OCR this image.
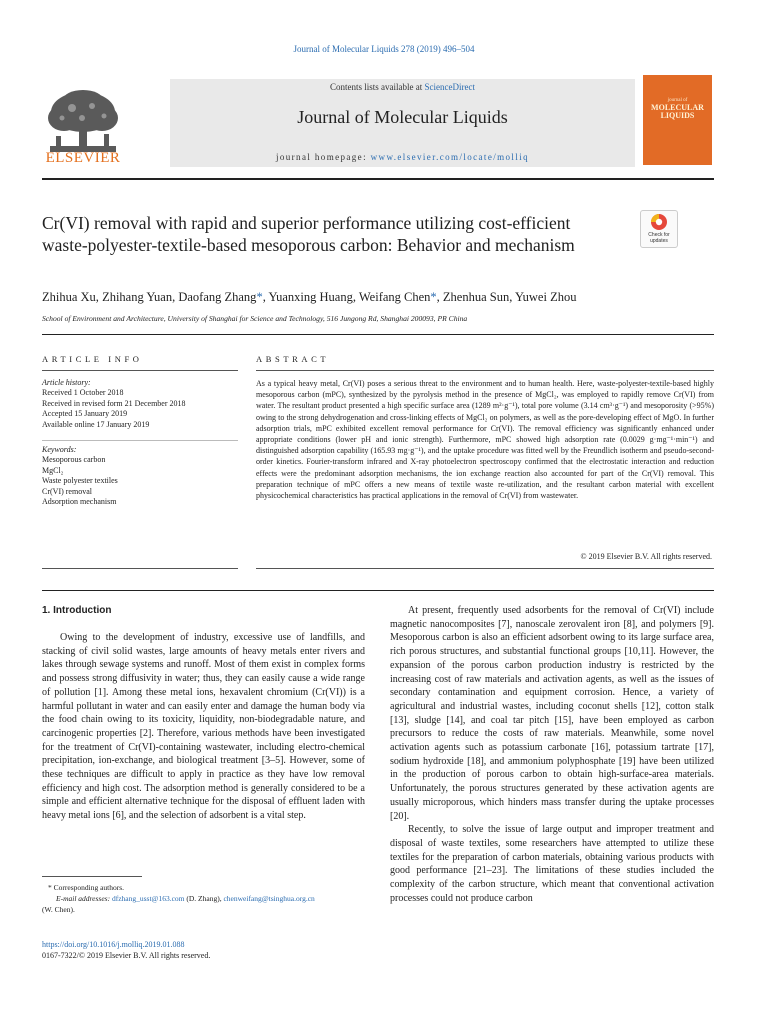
Journal of Molecular Liquids 278 (2019) 496–504
Contents lists available at ScienceDirect
Journal of Molecular Liquids
journal homepage: www.elsevier.com/locate/molliq
ELSEVIER
journal of
MOLECULAR LIQUIDS
Cr(VI) removal with rapid and superior performance utilizing cost-efficient waste-polyester-textile-based mesoporous carbon: Behavior and mechanism	Check for updates
Zhihua Xu, Zhihang Yuan, Daofang Zhang*, Yuanxing Huang, Weifang Chen*, Zhenhua Sun, Yuwei Zhou
School of Environment and Architecture, University of Shanghai for Science and Technology, 516 Jungong Rd, Shanghai 200093, PR China
ARTICLE INFO	ABSTRACT
Article history:
Received 1 October 2018
Received in revised form 21 December 2018
Accepted 15 January 2019
Available online 17 January 2019
Keywords:
Mesoporous carbon
MgCl₂
Waste polyester textiles
Cr(VI) removal
Adsorption mechanism
As a typical heavy metal, Cr(VI) poses a serious threat to the environment and to human health. Here, waste-polyester-textile-based highly mesoporous carbon (mPC), synthesized by the pyrolysis method in the presence of MgCl₂, was employed to rapidly remove Cr(VI) from water. The resultant product presented a high specific surface area (1289 m²·g⁻¹), total pore volume (3.14 cm³·g⁻¹) and mesoporosity (>95%) owing to the strong dehydrogenation and cross-linking effects of MgCl₂ on polymers, as well as the pore-developing effect of MgO. In further adsorption trials, mPC exhibited excellent removal performance for Cr(VI). The removal efficiency was significantly enhanced under appropriate conditions (lower pH and ionic strength). Furthermore, mPC showed high adsorption rate (0.0029 g·mg⁻¹·min⁻¹) and distinguished adsorption capability (165.93 mg·g⁻¹), and the uptake procedure was fitted well by the Freundlich isotherm and pseudo-second-order kinetics. Fourier-transform infrared and X-ray photoelectron spectroscopy confirmed that the electrostatic interaction and reduction effects were the predominant adsorption mechanisms, the ion exchange reaction also accounted for part of the Cr(VI) removal. This preparation technique of mPC offers a new means of textile waste re-utilization, and the resultant carbon material with excellent physicochemical characteristics has practical applications in the removal of Cr(VI) from wastewater.
© 2019 Elsevier B.V. All rights reserved.
1. Introduction

Owing to the development of industry, excessive use of landfills, and stacking of civil solid wastes, large amounts of heavy metals enter rivers and lakes through sewage systems and runoff. Most of them exist in complex forms and possess strong diffusivity in water; thus, they can easily cause a wide range of pollution [1]. Among these metal ions, hexavalent chromium (Cr(VI)) is a harmful pollutant in water and can easily enter and damage the human body via the food chain owing to its toxicity, liquidity, non-biodegradable nature, and carcinogenic properties [2]. Therefore, various methods have been investigated for the treatment of Cr(VI)-containing wastewater, including electro-chemical precipitation, ion-exchange, and biological treatment [3–5]. However, some of these techniques are difficult to apply in practice as they have low removal efficiency and high cost. The adsorption method is generally considered to be a simple and efficient alternative technique for the disposal of effluent laden with heavy metal ions [6], and the selection of adsorbent is a vital step.

At present, frequently used adsorbents for the removal of Cr(VI) include magnetic nanocomposites [7], nanoscale zerovalent iron [8], and polymers [9]. Mesoporous carbon is also an efficient adsorbent owing to its large surface area, rich porous structures, and substantial functional groups [10,11]. However, the expansion of the porous carbon production industry is restricted by the increasing cost of raw materials and activation agents, as well as the issues of secondary contamination and equipment corrosion. Hence, a variety of agricultural and industrial wastes, including coconut shells [12], cotton stalk [13], sludge [14], and coal tar pitch [15], have been employed as carbon precursors to reduce the costs of raw materials. Meanwhile, some novel activation agents such as potassium carbonate [16], potassium tartrate [17], sodium hydroxide [18], and ammonium polyphosphate [19] have been utilized in the production of porous carbon to obtain high-surface-area materials. Unfortunately, the porous structures generated by these activation agents are usually microporous, which hinders mass transfer during the uptake processes [20].

Recently, to solve the issue of large output and improper treatment and disposal of waste textiles, some researchers have attempted to utilize these textiles for the preparation of carbon materials, obtaining various products with good performance [21–23]. The limitations of these studies included the complexity of the carbon structure, which meant that conventional activation processes could not produce carbon

* Corresponding authors.
E-mail addresses: dfzhang_usst@163.com (D. Zhang), chenweifang@tsinghua.org.cn
(W. Chen).
https://doi.org/10.1016/j.molliq.2019.01.088
0167-7322/© 2019 Elsevier B.V. All rights reserved.
